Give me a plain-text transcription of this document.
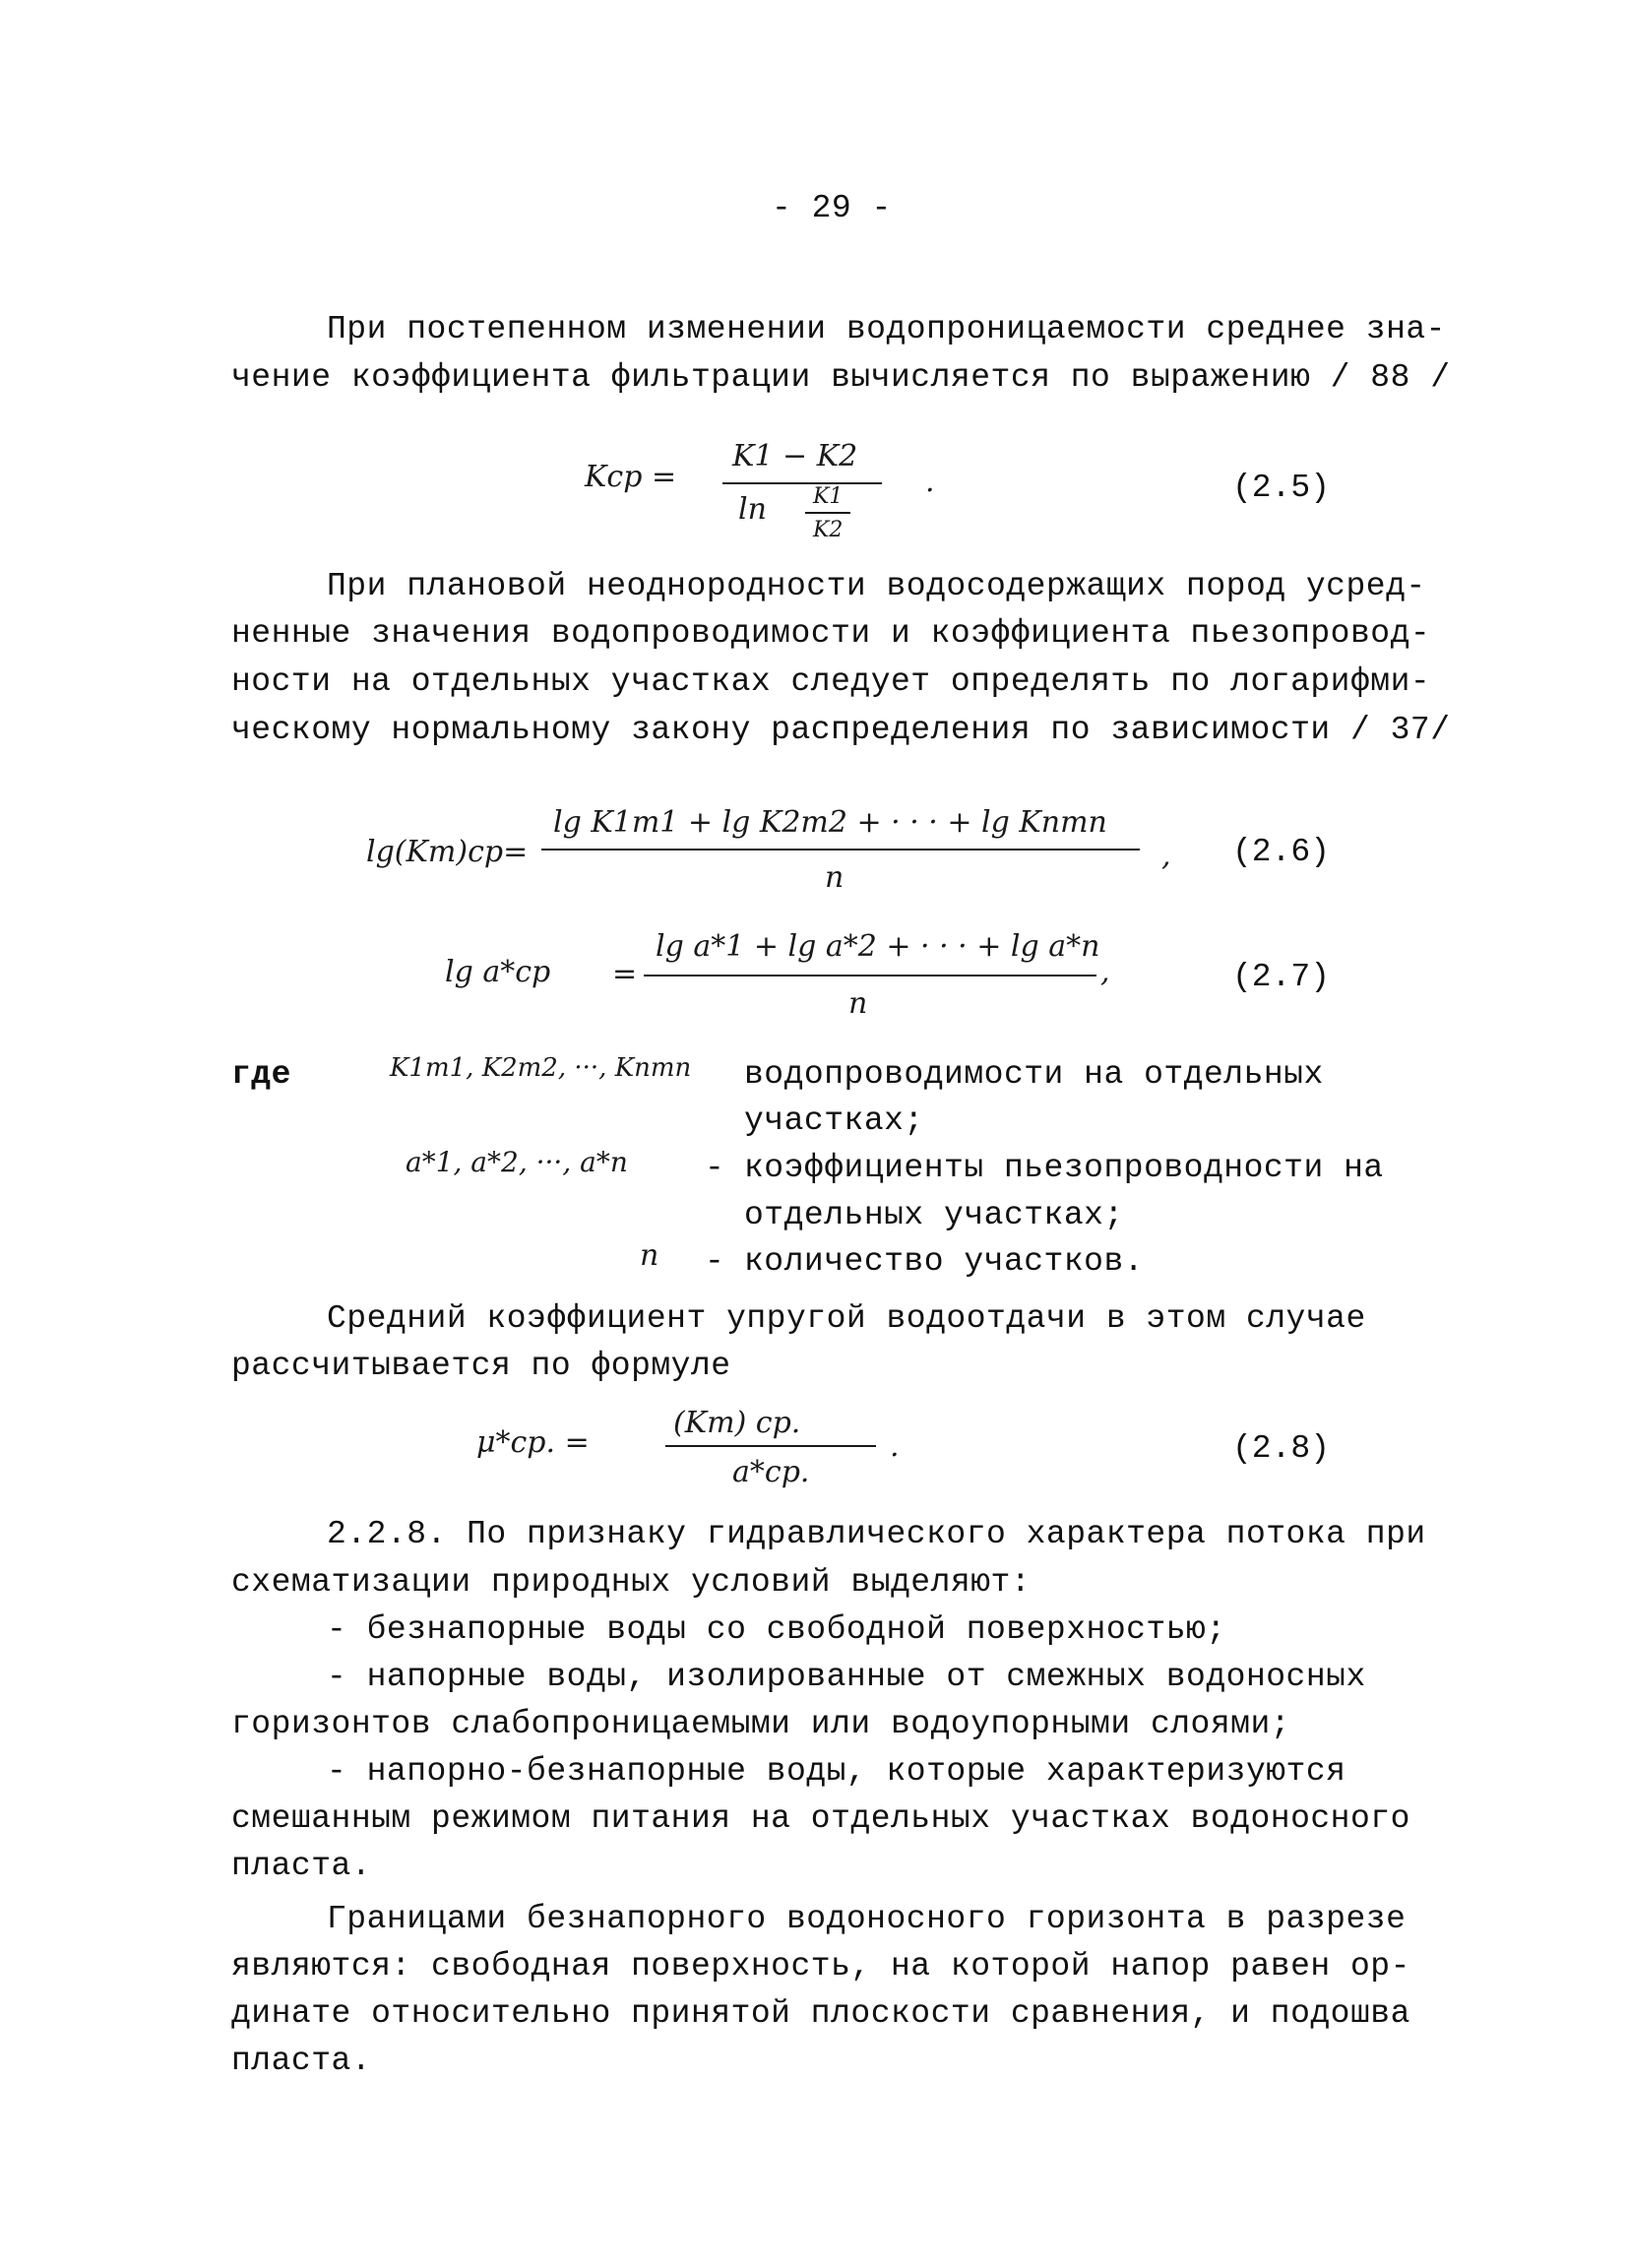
- 29 -
При постепенном изменении водопроницаемости среднее зна-
чение коэффициента фильтрации вычисляется по выражению / 88 /
Kср =
K1 − K2
ln K1
K2
.	(2.5)
При плановой неоднородности водосодержащих пород усред-
ненные значения водопроводимости и коэффициента пьезопровод-
ности на отдельных участках следует определять по логарифми-
ческому нормальному закону распределения по зависимости / 37/
lg(Km)ср=
lg K1m1 + lg K2m2 + · · · + lg Knmn
n
, (2.6)
lg a*ср =
lg a*1 + lg a*2 + · · · + lg a*n
n
,	(2.7)
где	K1m1, K2m2, ···, Knmn водопроводимости на отдельных
участках;
a*1, a*2, ···, a*n - коэффициенты пьезопроводности на
отдельных участках;
n - количество участков.
Средний коэффициент упругой водоотдачи в этом случае
рассчитывается по формуле
μ*ср. =
(Km) ср.
a*ср.
.	(2.8)
2.2.8. По признаку гидравлического характера потока при
схематизации природных условий выделяют:
- безнапорные воды со свободной поверхностью;
- напорные воды, изолированные от смежных водоносных
горизонтов слабопроницаемыми или водоупорными слоями;
- напорно-безнапорные воды, которые характеризуются
смешанным режимом питания на отдельных участках водоносного
пласта.
Границами безнапорного водоносного горизонта в разрезе
являются: свободная поверхность, на которой напор равен ор-
динате относительно принятой плоскости сравнения, и подошва
пласта.
